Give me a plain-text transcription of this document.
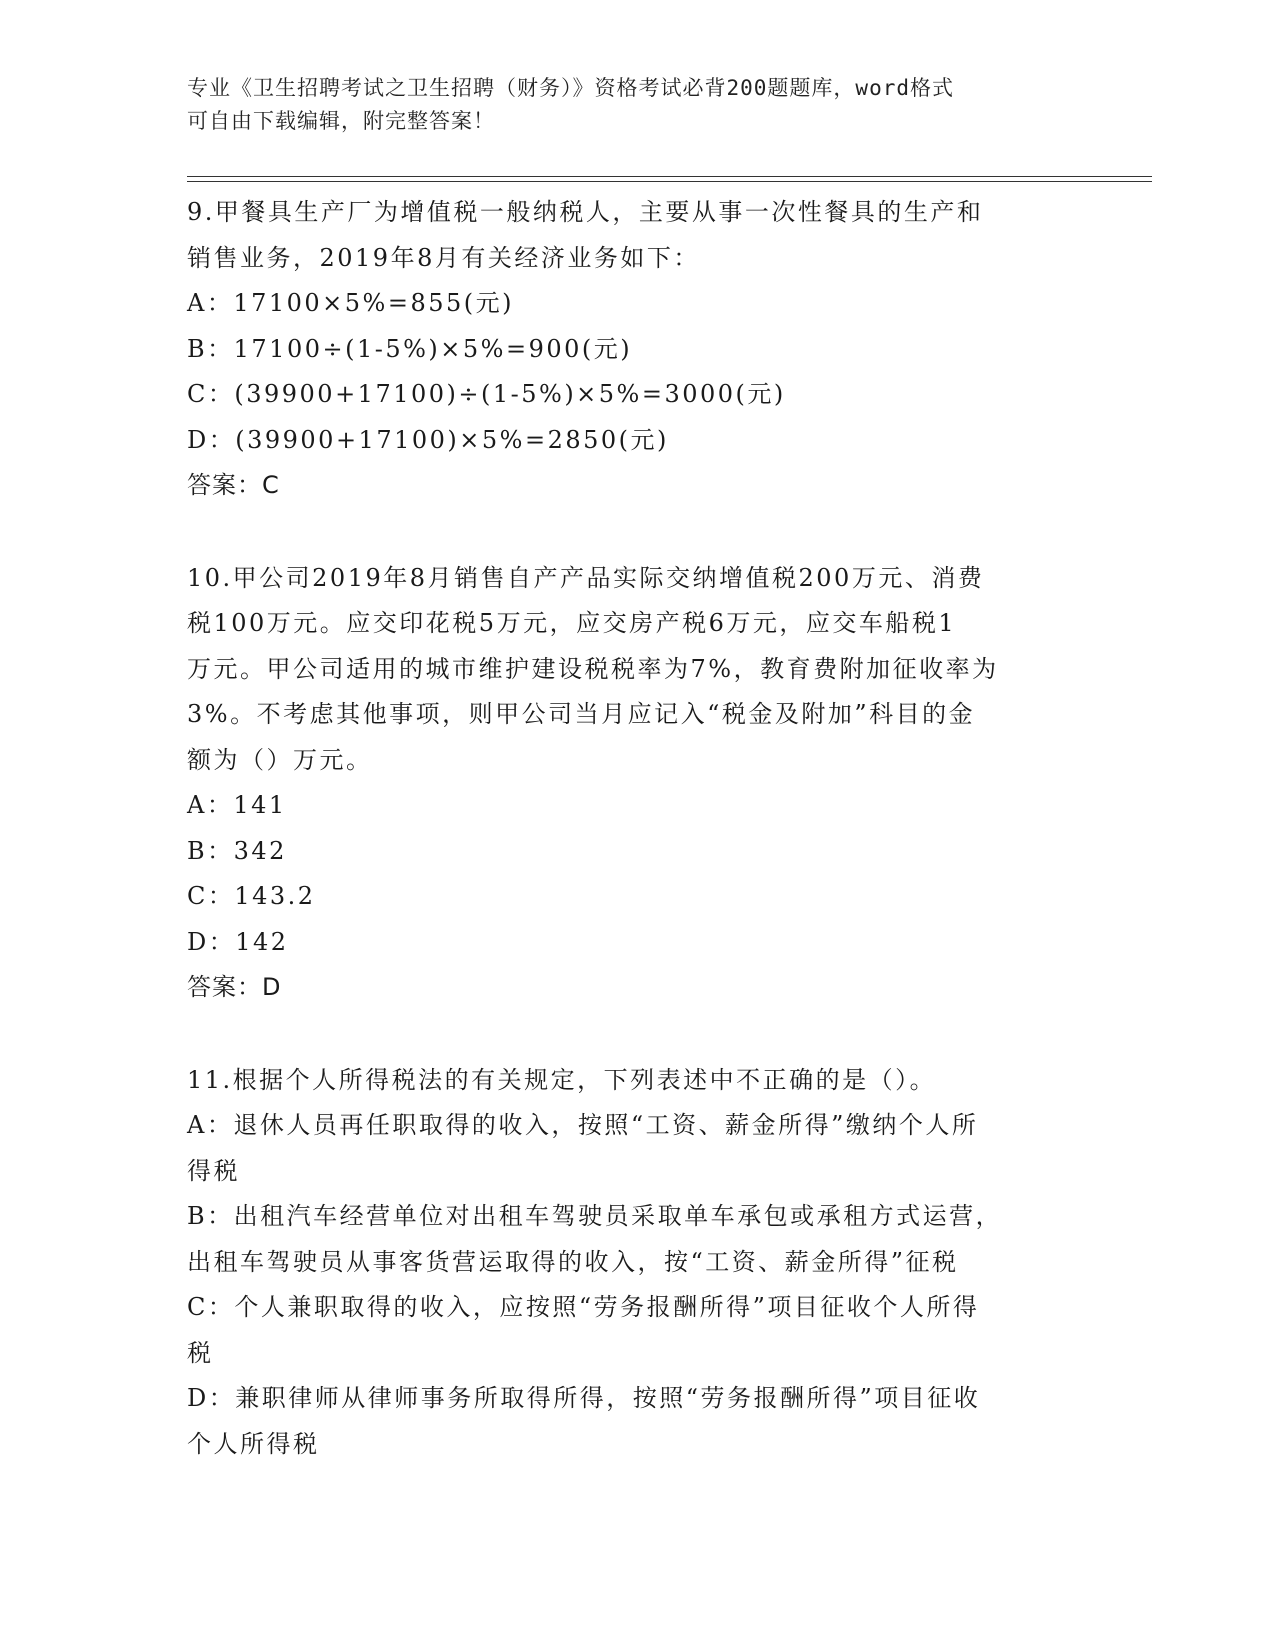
专业《卫生招聘考试之卫生招聘（财务）》资格考试必背200题题库，word格式
可自由下载编辑，附完整答案！
9.甲餐具生产厂为增值税一般纳税人，主要从事一次性餐具的生产和
销售业务，2019年8月有关经济业务如下：
A：17100×5%=855(元)
B：17100÷(1-5%)×5%=900(元)
C：(39900+17100)÷(1-5%)×5%=3000(元)
D：(39900+17100)×5%=2850(元)
答案：C
10.甲公司2019年8月销售自产产品实际交纳增值税200万元、消费
税100万元。应交印花税5万元，应交房产税6万元，应交车船税1
万元。甲公司适用的城市维护建设税税率为7%，教育费附加征收率为
3%。不考虑其他事项，则甲公司当月应记入“税金及附加”科目的金
额为（）万元。
A：141
B：342
C：143.2
D：142
答案：D
11.根据个人所得税法的有关规定，下列表述中不正确的是（）。
A：退休人员再任职取得的收入，按照“工资、薪金所得”缴纳个人所
得税
B：出租汽车经营单位对出租车驾驶员采取单车承包或承租方式运营，
出租车驾驶员从事客货营运取得的收入，按“工资、薪金所得”征税
C：个人兼职取得的收入，应按照“劳务报酬所得”项目征收个人所得
税
D：兼职律师从律师事务所取得所得，按照“劳务报酬所得”项目征收
个人所得税
